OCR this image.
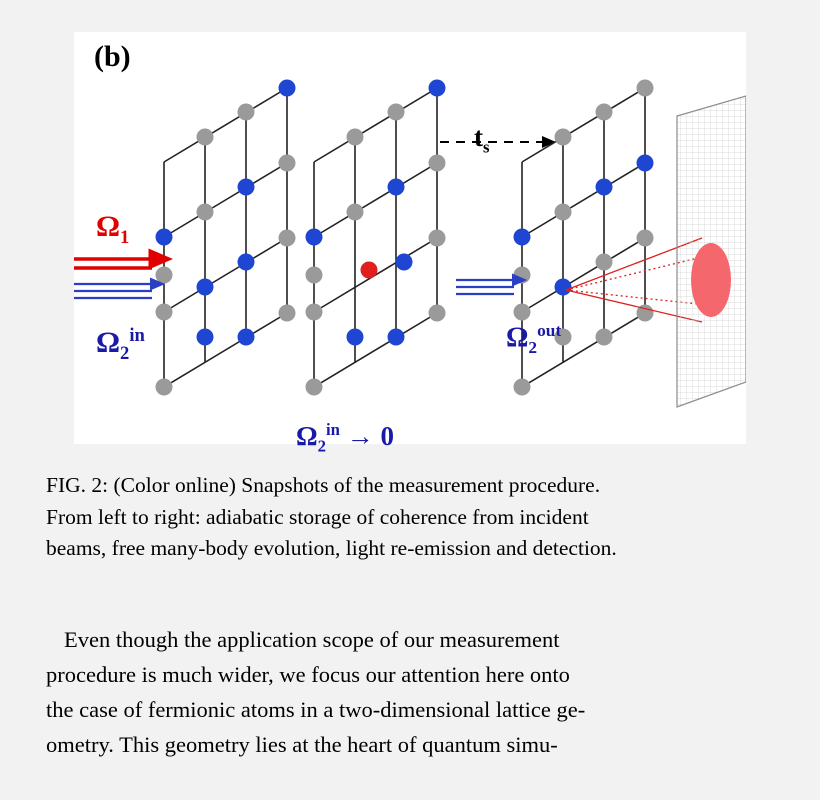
(b)
$\Omega_1$
$\Omega_2^{in}$	$\Omega_2^{out}$
$\Omega_2^{in} \to 0$
$t_s$
FIG. 2: (Color online) Snapshots of the measurement procedure.
From left to right: adiabatic storage of coherence from incident
beams, free many-body evolution, light re-emission and detection.
Even though the application scope of our measurement
procedure is much wider, we focus our attention here onto
the case of fermionic atoms in a two-dimensional lattice ge-
ometry. This geometry lies at the heart of quantum simu-
